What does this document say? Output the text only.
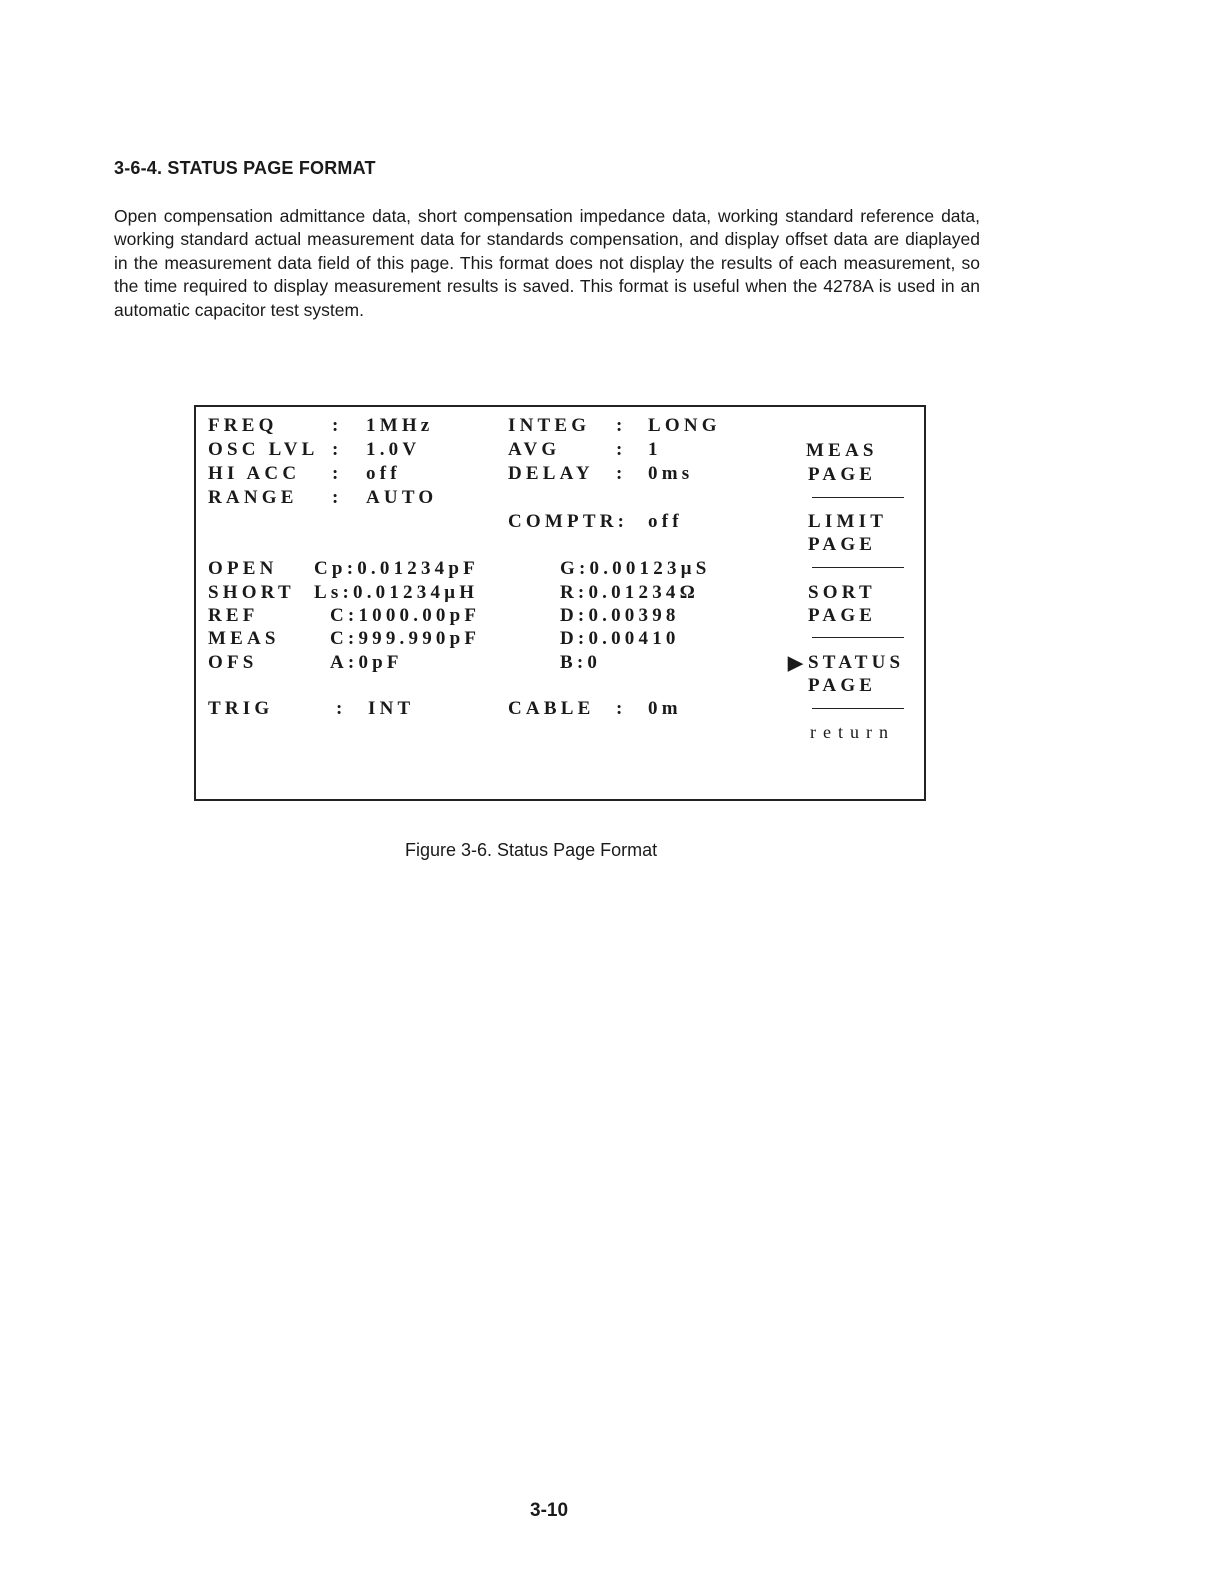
3-6-4. STATUS PAGE FORMAT
Open compensation admittance data, short compensation impedance data, working standard reference data, working standard actual measurement data for standards compensation, and display offset data are diaplayed in the measurement data field of this page. This format does not display the results of each measurement, so the time required to display measurement results is saved. This format is useful when the 4278A is used in an automatic capacitor test system.
FREQ	: 1MHz	INTEG : LONG
OSC LVL : 1.0V	AVG	: 1
HI ACC : off	DELAY : 0ms
RANGE : AUTO
COMPTR: off
OPEN Cp:0.01234pF	G:0.00123µS
SHORT Ls:0.01234µH	R:0.01234Ω
REF	C:1000.00pF	D:0.00398
MEAS	C:999.990pF	D:0.00410
OFS	A:0pF	B:0
TRIG	: INT	CABLE : 0m
MEAS
PAGE
LIMIT
PAGE
SORT
PAGE
▶ STATUS
PAGE
return
Figure 3-6. Status Page Format
3-10
